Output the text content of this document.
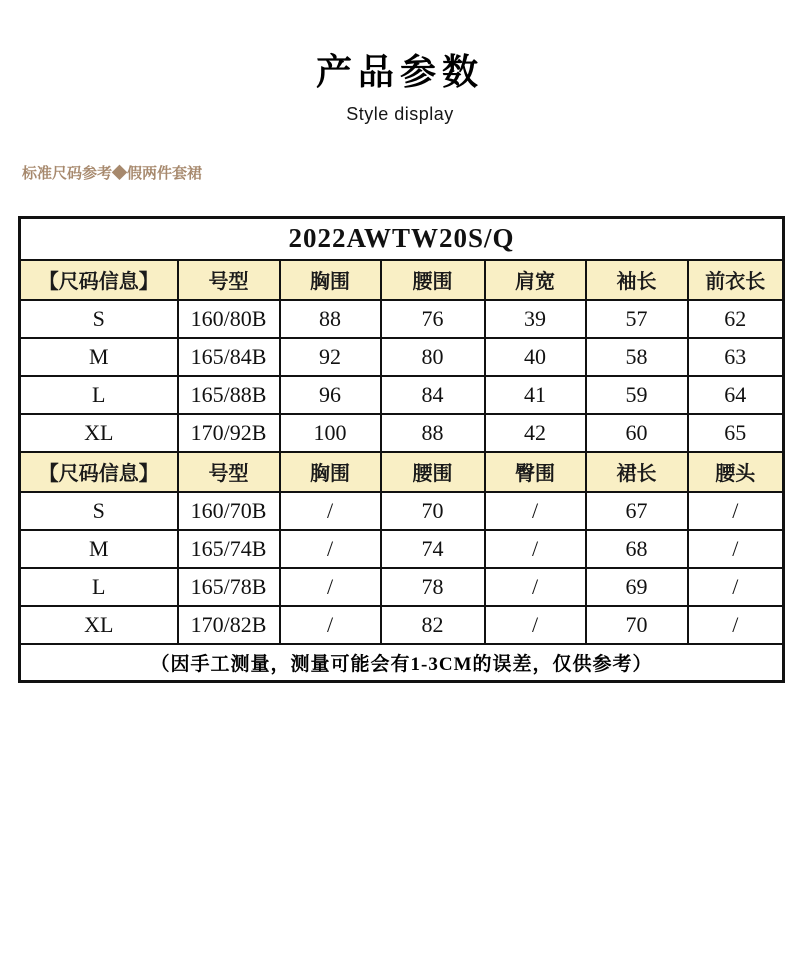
产品参数
Style display
标准尺码参考◆假两件套裙
2022AWTW20S/Q						
【尺码信息】	号型	胸围	腰围	肩宽	袖长	前衣长
S	160/80B	88	76	39	57	62
M	165/84B	92	80	40	58	63
L	165/88B	96	84	41	59	64
XL	170/92B	100	88	42	60	65
【尺码信息】	号型	胸围	腰围	臀围	裙长	腰头
S	160/70B	/	70	/	67	/
M	165/74B	/	74	/	68	/
L	165/78B	/	78	/	69	/
XL	170/82B	/	82	/	70	/
（因手工测量，测量可能会有1-3CM的误差，仅供参考）						
